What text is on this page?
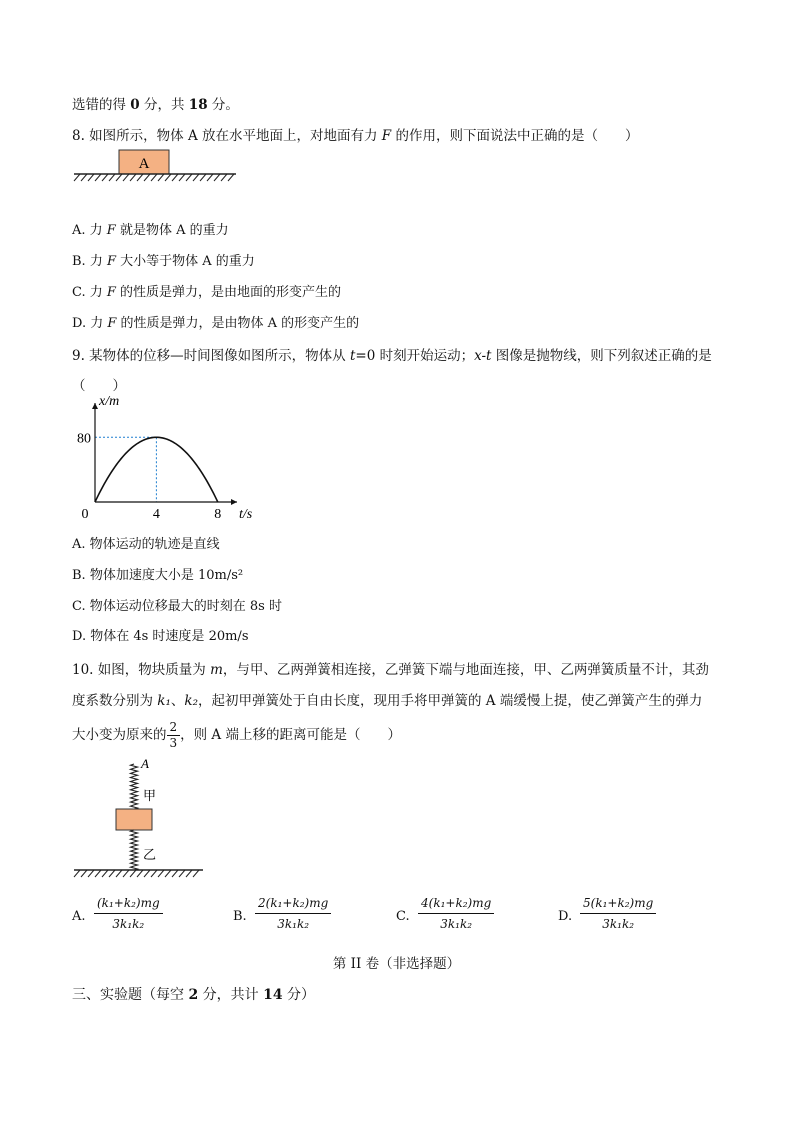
选错的得 0 分，共 18 分。
8. 如图所示，物体 A 放在水平地面上，对地面有力 F 的作用，则下面说法中正确的是（　　）
A
A. 力 F 就是物体 A 的重力
B. 力 F 大小等于物体 A 的重力
C. 力 F 的性质是弹力，是由地面的形变产生的
D. 力 F 的性质是弹力，是由物体 A 的形变产生的
9. 某物体的位移—时间图像如图所示，物体从 t=0 时刻开始运动；x-t 图像是抛物线，则下列叙述正确的是
（　　）
0	4	8
80
x/m
t/s
A. 物体运动的轨迹是直线
B. 物体加速度大小是 10m/s²
C. 物体运动位移最大的时刻在 8s 时
D. 物体在 4s 时速度是 20m/s
10. 如图，物块质量为 m，与甲、乙两弹簧相连接，乙弹簧下端与地面连接，甲、乙两弹簧质量不计，其劲
度系数分别为 k₁、k₂，起初甲弹簧处于自由长度，现用手将甲弹簧的 A 端缓慢上提，使乙弹簧产生的弹力
大小变为原来的 $\frac{2}{3}$ ，则 A 端上移的距离可能是（　　）
A
甲
乙
A. $\frac{\text{(k₁+k₂)mg}}{\text{3k₁k₂}}$	B. $\frac{\text{2(k₁+k₂)mg}}{\text{3k₁k₂}}$	C. $\frac{\text{4(k₁+k₂)mg}}{\text{3k₁k₂}}$	D. $\frac{\text{5(k₁+k₂)mg}}{\text{3k₁k₂}}$
第 II 卷（非选择题）
三、实验题（每空 2 分，共计 14 分）
